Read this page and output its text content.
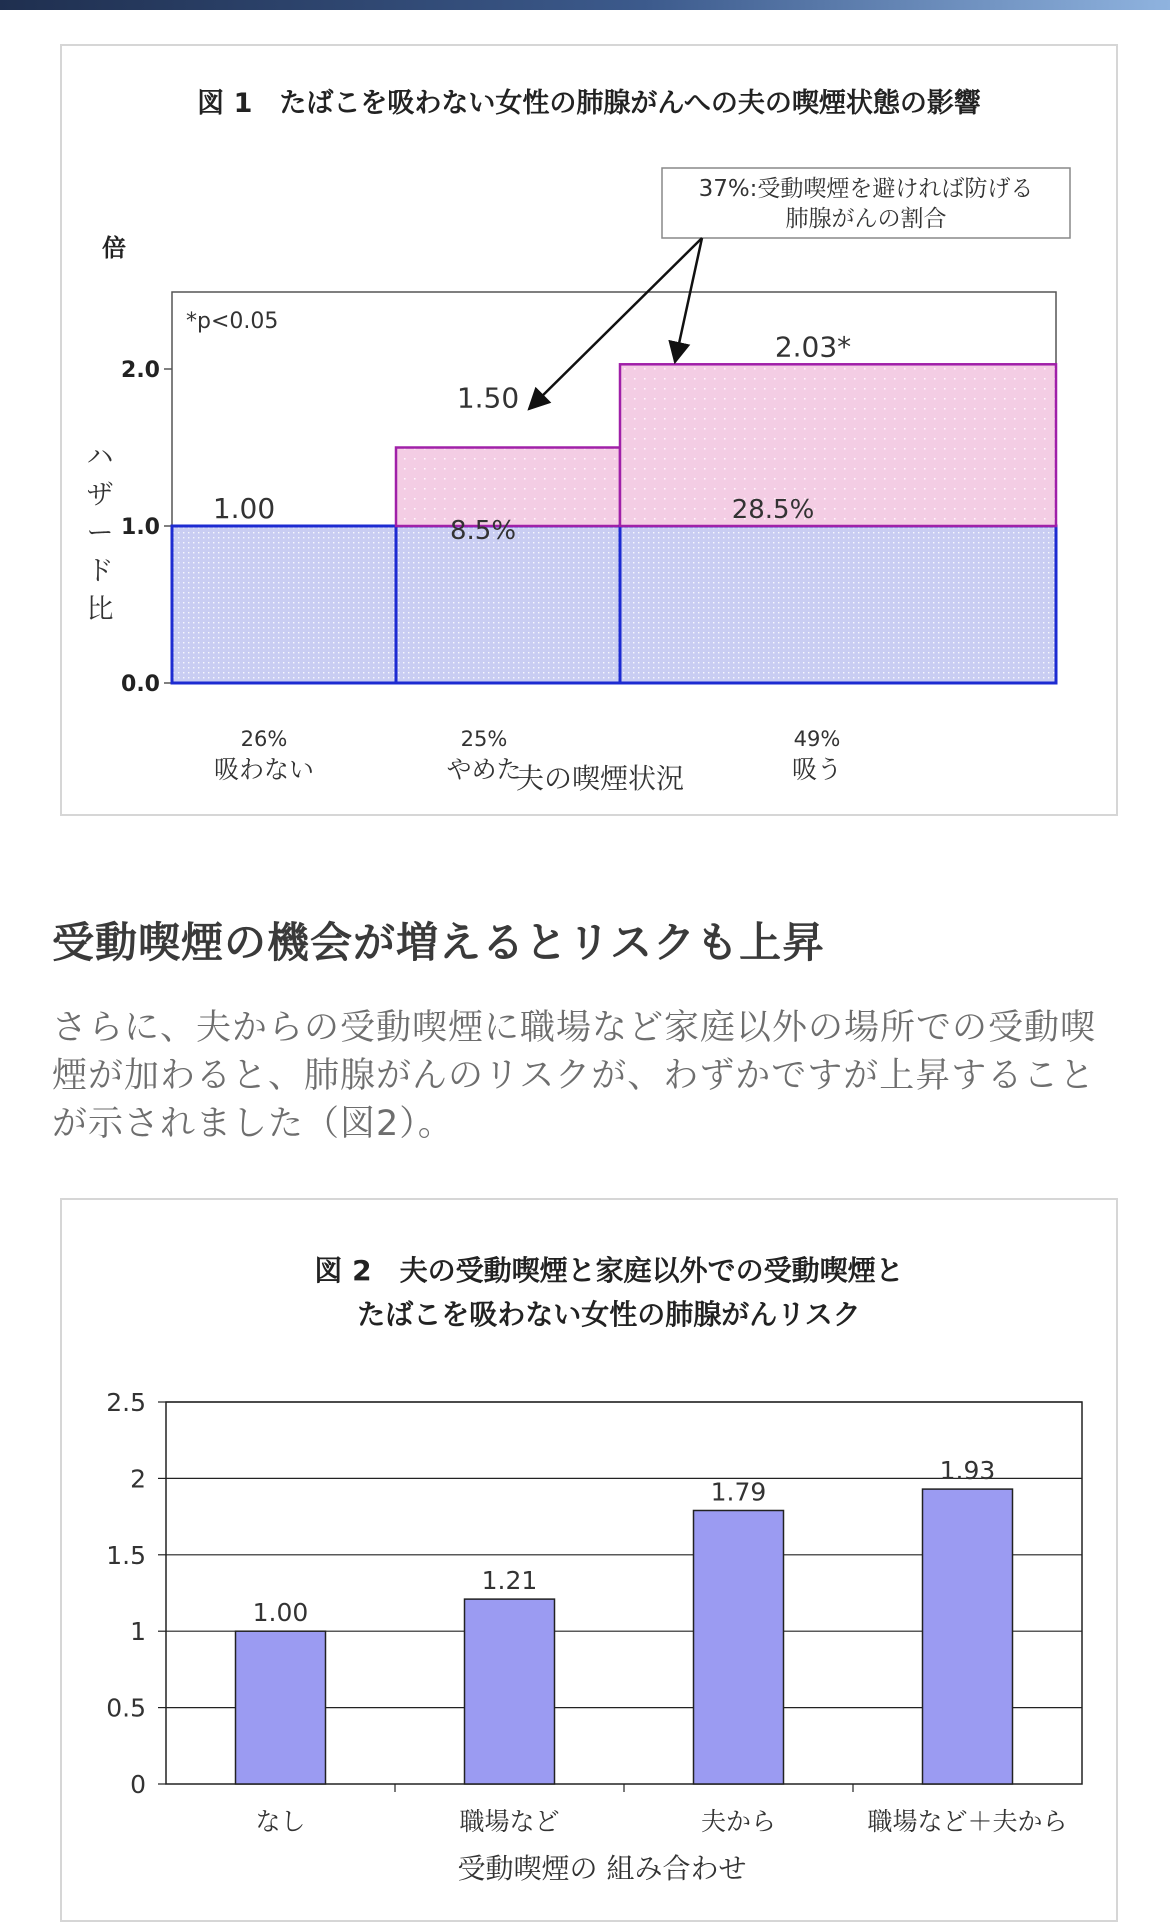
図 1　たばこを吸わない女性の肺腺がんへの夫の喫煙状態の影響
37%:受動喫煙を避ければ防げる
肺腺がんの割合
倍
ハザード比
*p<0.05
0.0
1.0
2.0
1.00
26%
吸わない
1.50
8.5%
25%
やめた
2.03*
28.5%
49%
吸う
夫の喫煙状況
受動喫煙の機会が増えるとリスクも上昇

さらに、夫からの受動喫煙に職場など家庭以外の場所での受動喫煙が加わると、肺腺がんのリスクが、わずかですが上昇することが示されました（図2）。

図 2　夫の受動喫煙と家庭以外での受動喫煙と
たばこを吸わない女性の肺腺がんリスク
0
0.5
1
1.5
2
2.5
1.00
なし
1.21
職場など
1.79
夫から
1.93
職場など＋夫から
受動喫煙の 組み合わせ
